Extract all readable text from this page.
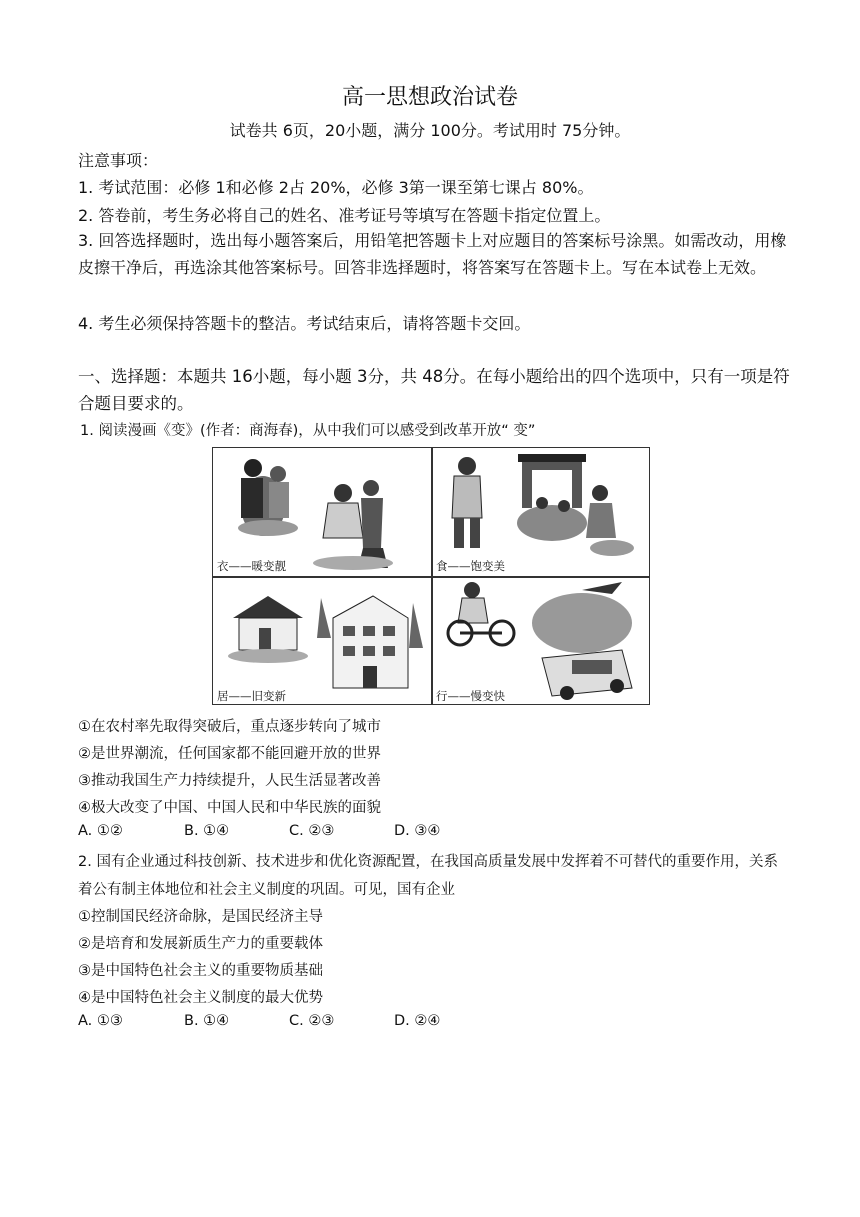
高一思想政治试卷
试卷共 6页，20小题，满分 100分。考试用时 75分钟。
注意事项：
1. 考试范围：必修 1和必修 2占 20%，必修 3第一课至第七课占 80%。
2. 答卷前，考生务必将自己的姓名、准考证号等填写在答题卡指定位置上。
3. 回答选择题时，选出每小题答案后，用铅笔把答题卡上对应题目的答案标号涂黑。如需改动，用橡皮擦干净后，再选涂其他答案标号。回答非选择题时，将答案写在答题卡上。写在本试卷上无效。
4. 考生必须保持答题卡的整洁。考试结束后，请将答题卡交回。
一、选择题：本题共 16小题，每小题 3分，共 48分。在每小题给出的四个选项中，只有一项是符合题目要求的。
1. 阅读漫画《变》(作者：商海春)，从中我们可以感受到改革开放“ 变”
衣——暖变靓	食——饱变美
居——旧变新	行——慢变快
①在农村率先取得突破后，重点逐步转向了城市
②是世界潮流，任何国家都不能回避开放的世界
③推动我国生产力持续提升，人民生活显著改善
④极大改变了中国、中国人民和中华民族的面貌
A. ①②	B. ①④	C. ②③	D. ③④
2. 国有企业通过科技创新、技术进步和优化资源配置，在我国高质量发展中发挥着不可替代的重要作用，关系着公有制主体地位和社会主义制度的巩固。可见，国有企业
①控制国民经济命脉，是国民经济主导
②是培育和发展新质生产力的重要载体
③是中国特色社会主义的重要物质基础
④是中国特色社会主义制度的最大优势
A. ①③	B. ①④	C. ②③	D. ②④
